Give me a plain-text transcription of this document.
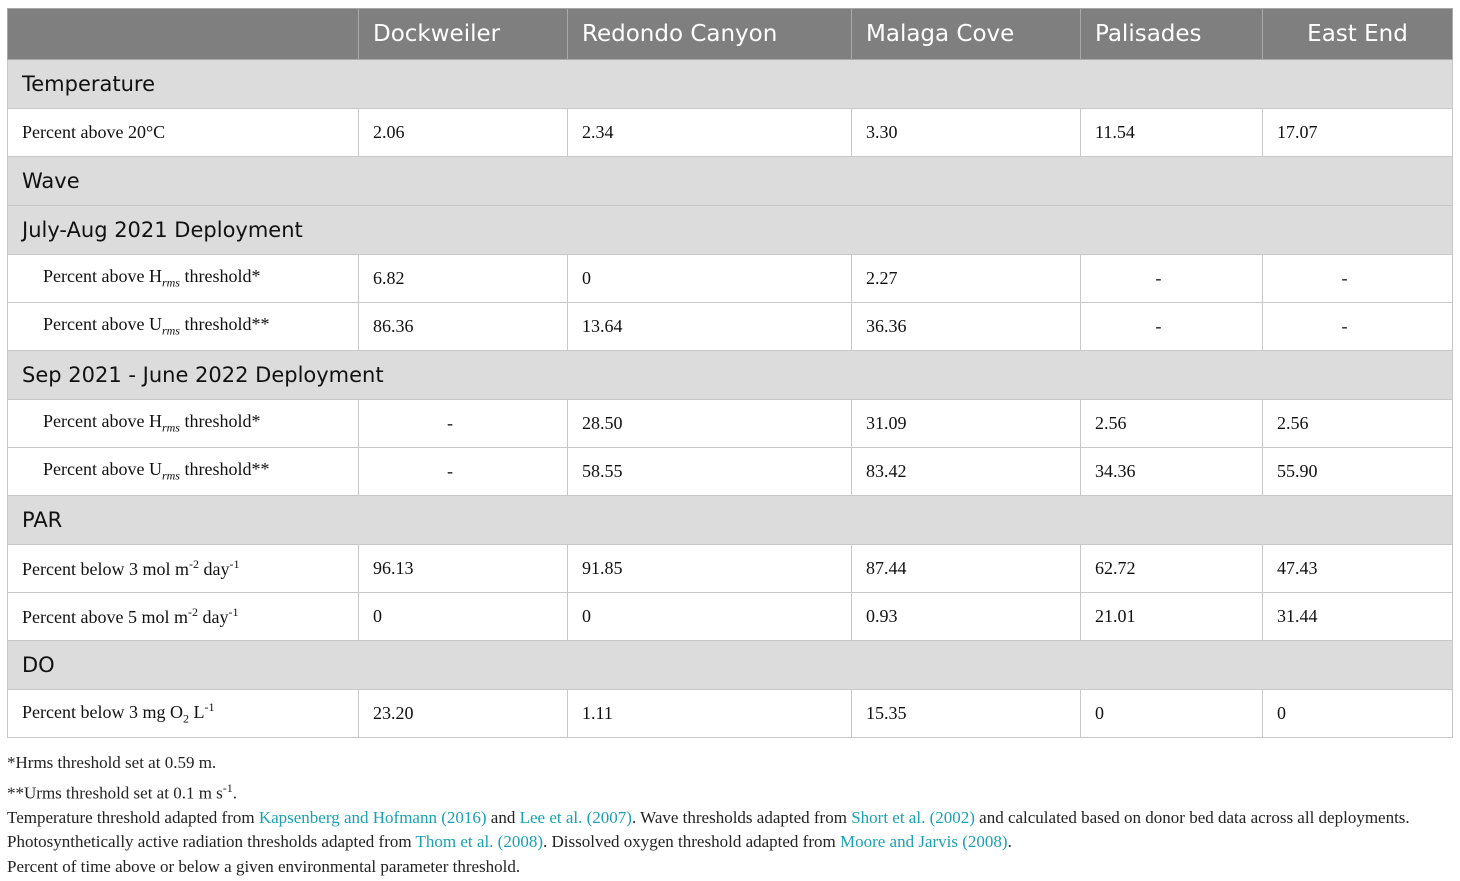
	Dockweiler	Redondo Canyon	Malaga Cove	Palisades	East End
Temperature					
Percent above 20°C	2.06	2.34	3.30	11.54	17.07
Wave					
July-Aug 2021 Deployment					
Percent above $H_{rms}$ threshold*	6.82	0	2.27	-	-
Percent above $U_{rms}$ threshold**	86.36	13.64	36.36	-	-
Sep 2021 - June 2022 Deployment					
Percent above $H_{rms}$ threshold*	-	28.50	31.09	2.56	2.56
Percent above $U_{rms}$ threshold**	-	58.55	83.42	34.36	55.90
PAR					
Percent below 3 mol $m^{-2}$ day$^{-1}$	96.13	91.85	87.44	62.72	47.43
Percent above 5 mol $m^{-2}$ day$^{-1}$	0	0	0.93	21.01	31.44
DO					
Percent below 3 mg $O_2$ $L^{-1}$	23.20	1.11	15.35	0	0

*Hrms threshold set at 0.59 m.

**Urms threshold set at 0.1 m $s^{-1}$.

Temperature threshold adapted from Kapsenberg and Hofmann (2016) and Lee et al. (2007). Wave thresholds adapted from Short et al. (2002) and calculated based on donor bed data across all deployments. Photosynthetically active radiation thresholds adapted from Thom et al. (2008). Dissolved oxygen threshold adapted from Moore and Jarvis (2008).

Percent of time above or below a given environmental parameter threshold.
